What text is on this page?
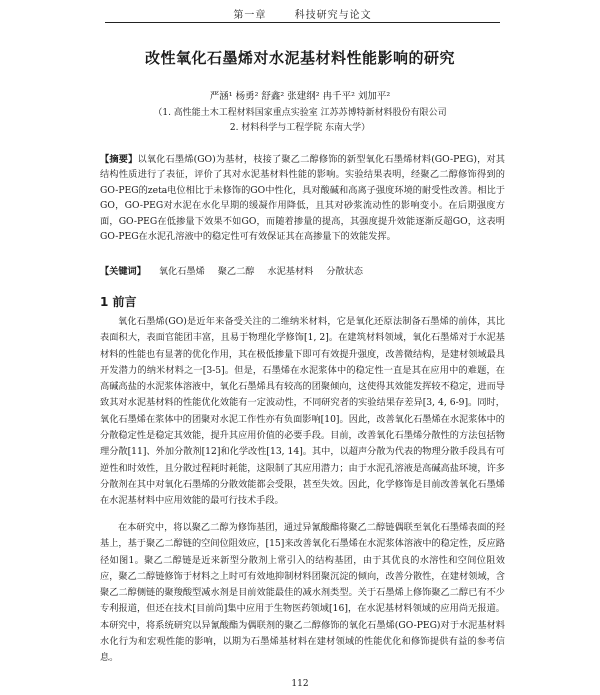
第一章	科技研究与论文
改性氧化石墨烯对水泥基材料性能影响的研究
严涵¹ 杨勇² 舒鑫² 张建纲² 冉千平² 刘加平²
（1. 高性能土木工程材料国家重点实验室 江苏苏博特新材料股份有限公司
2. 材料科学与工程学院 东南大学）
【摘要】以氧化石墨烯(GO)为基材，枝接了聚乙二醇修饰的新型氧化石墨烯材料(GO-PEG)，对其结构性质进行了表征，评价了其对水泥基材料性能的影响。实验结果表明，经聚乙二醇修饰得到的GO-PEG的zeta电位相比于未修饰的GO中性化，具对酸碱和高离子强度环境的耐受性改善。相比于GO，GO-PEG对水泥在水化早期的缓凝作用降低，且其对砂浆流动性的影响变小。在后期强度方面，GO-PEG在低掺量下效果不如GO，而随着掺量的提高，其强度提升效能逐渐反超GO，这表明GO-PEG在水泥孔溶液中的稳定性可有效保证其在高掺量下的效能发挥。
【关键词】 氧化石墨烯 聚乙二醇 水泥基材料 分散状态
1 前言

氧化石墨烯(GO)是近年来备受关注的二维纳米材料，它是氧化还原法制备石墨烯的前体，其比表面积大，表面官能团丰富，且易于物理化学修饰[1, 2]。在建筑材料领域，氧化石墨烯对于水泥基材料的性能也有显著的优化作用，其在极低掺量下即可有效提升强度，改善微结构，是建材领域最具开发潜力的纳米材料之一[3-5]。但是，石墨烯在水泥浆体中的稳定性一直是其在应用中的难题，在高碱高盐的水泥浆体溶液中，氧化石墨烯具有较高的团聚倾向，这使得其效能发挥较不稳定，进而导致其对水泥基材料的性能优化效能有一定波动性，不同研究者的实验结果存差异[3, 4, 6-9]。同时，氧化石墨烯在浆体中的团聚对水泥工作性亦有负面影响[10]。因此，改善氧化石墨烯在水泥浆体中的分散稳定性是稳定其效能，提升其应用价值的必要手段。目前，改善氧化石墨烯分散性的方法包括物理分散[11]、外加分散剂[12]和化学改性[13, 14]。其中，以超声分散为代表的物理分散手段具有可逆性和时效性，且分散过程耗时耗能，这限制了其应用潜力；由于水泥孔溶液是高碱高盐环境，许多分散剂在其中对氧化石墨烯的分散效能都会受限，甚至失效。因此，化学修饰是目前改善氧化石墨烯在水泥基材料中应用效能的最可行技术手段。

在本研究中，将以聚乙二醇为修饰基团，通过异氰酸酯将聚乙二醇链偶联至氧化石墨烯表面的羟基上，基于聚乙二醇链的空间位阻效应，[15]来改善氧化石墨烯在水泥浆体溶液中的稳定性，反应路径如图1。聚乙二醇链是近来新型分散剂上常引入的结构基团，由于其优良的水溶性和空间位阻效应，聚乙二醇链修饰于材料之上时可有效地抑制材料团聚沉淀的倾向，改善分散性，在建材领域，含聚乙二醇侧链的聚羧酸型减水剂是目前效能最佳的减水剂类型。关于石墨烯上修饰聚乙二醇已有不少专利报道，但还在技术[目前尚]集中应用于生物医药领域[16]，在水泥基材料领域的应用尚无报道。本研究中，将系统研究以异氰酸酯为偶联剂的聚乙二醇修饰的氧化石墨烯(GO-PEG)对于水泥基材料水化行为和宏观性能的影响，以期为石墨烯基材料在建材领域的性能优化和修饰提供有益的参考信息。

112
